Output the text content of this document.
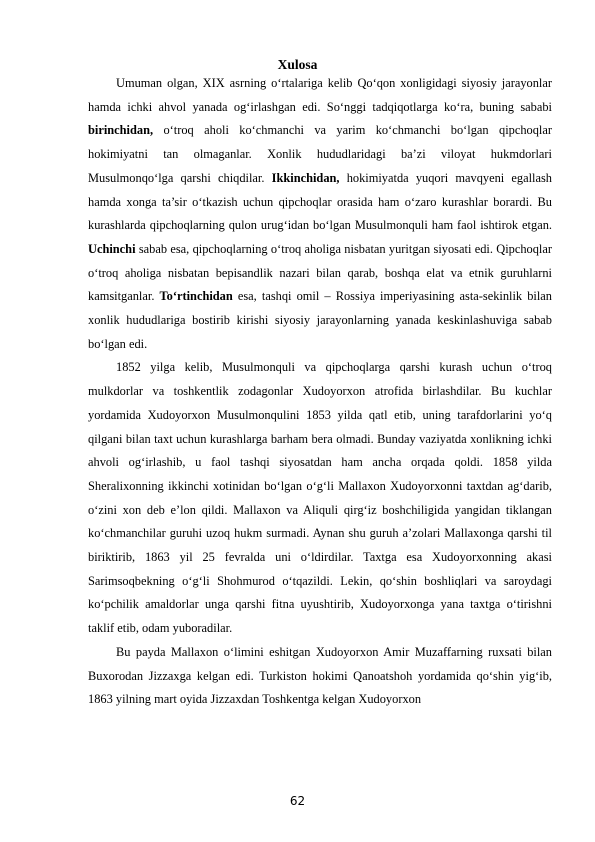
Xulosa

Umuman olgan, XIX asrning o‘rtalariga kelib Qo‘qon xonligidagi siyosiy jarayonlar hamda ichki ahvol yanada og‘irlashgan edi. So‘nggi tadqiqotlarga ko‘ra, buning sababi birinchidan, o‘troq aholi ko‘chmanchi va yarim ko‘chmanchi bo‘lgan qipchoqlar hokimiyatni tan olmaganlar. Xonlik hududlaridagi ba’zi viloyat hukmdorlari Musulmonqo‘lga qarshi chiqdilar. Ikkinchidan, hokimiyatda yuqori mavqyeni egallash hamda xonga ta’sir o‘tkazish uchun qipchoqlar orasida ham o‘zaro kurashlar borardi. Bu kurashlarda qipchoqlarning qulon urug‘idan bo‘lgan Musulmonquli ham faol ishtirok etgan. Uchinchi sabab esa, qipchoqlarning o‘troq aholiga nisbatan yuritgan siyosati edi. Qipchoqlar o‘troq aholiga nisbatan bepisandlik nazari bilan qarab, boshqa elat va etnik guruhlarni kamsitganlar. To‘rtinchidan esa, tashqi omil – Rossiya imperiyasining asta-sekinlik bilan xonlik hududlariga bostirib kirishi siyosiy jarayonlarning yanada keskinlashuviga sabab bo‘lgan edi.

1852 yilga kelib, Musulmonquli va qipchoqlarga qarshi kurash uchun o‘troq mulkdorlar va toshkentlik zodagonlar Xudoyorxon atrofida birlashdilar. Bu kuchlar yordamida Xudoyorxon Musulmonqulini 1853 yilda qatl etib, uning tarafdorlarini yo‘q qilgani bilan taxt uchun kurashlarga barham bera olmadi. Bunday vaziyatda xonlikning ichki ahvoli og‘irlashib, u faol tashqi siyosatdan ham ancha orqada qoldi. 1858 yilda Sheralixonning ikkinchi xotinidan bo‘lgan o‘g‘li Mallaxon Xudoyorxonni taxtdan ag‘darib, o‘zini xon deb e’lon qildi. Mallaxon va Aliquli qirg‘iz boshchiligida yangidan tiklangan ko‘chmanchilar guruhi uzoq hukm surmadi. Aynan shu guruh a’zolari Mallaxonga qarshi til biriktirib, 1863 yil 25 fevralda uni o‘ldirdilar. Taxtga esa Xudoyorxonning akasi Sarimsoqbekning o‘g‘li Shohmurod o‘tqazildi. Lekin, qo‘shin boshliqlari va saroydagi ko‘pchilik amaldorlar unga qarshi fitna uyushtirib, Xudoyorxonga yana taxtga o‘tirishni taklif etib, odam yuboradilar.

Bu payda Mallaxon o‘limini eshitgan Xudoyorxon Amir Muzaffarning ruxsati bilan Buxorodan Jizzaxga kelgan edi. Turkiston hokimi Qanoatshoh yordamida qo‘shin yig‘ib, 1863 yilning mart oyida Jizzaxdan Toshkentga kelgan Xudoyorxon

62
